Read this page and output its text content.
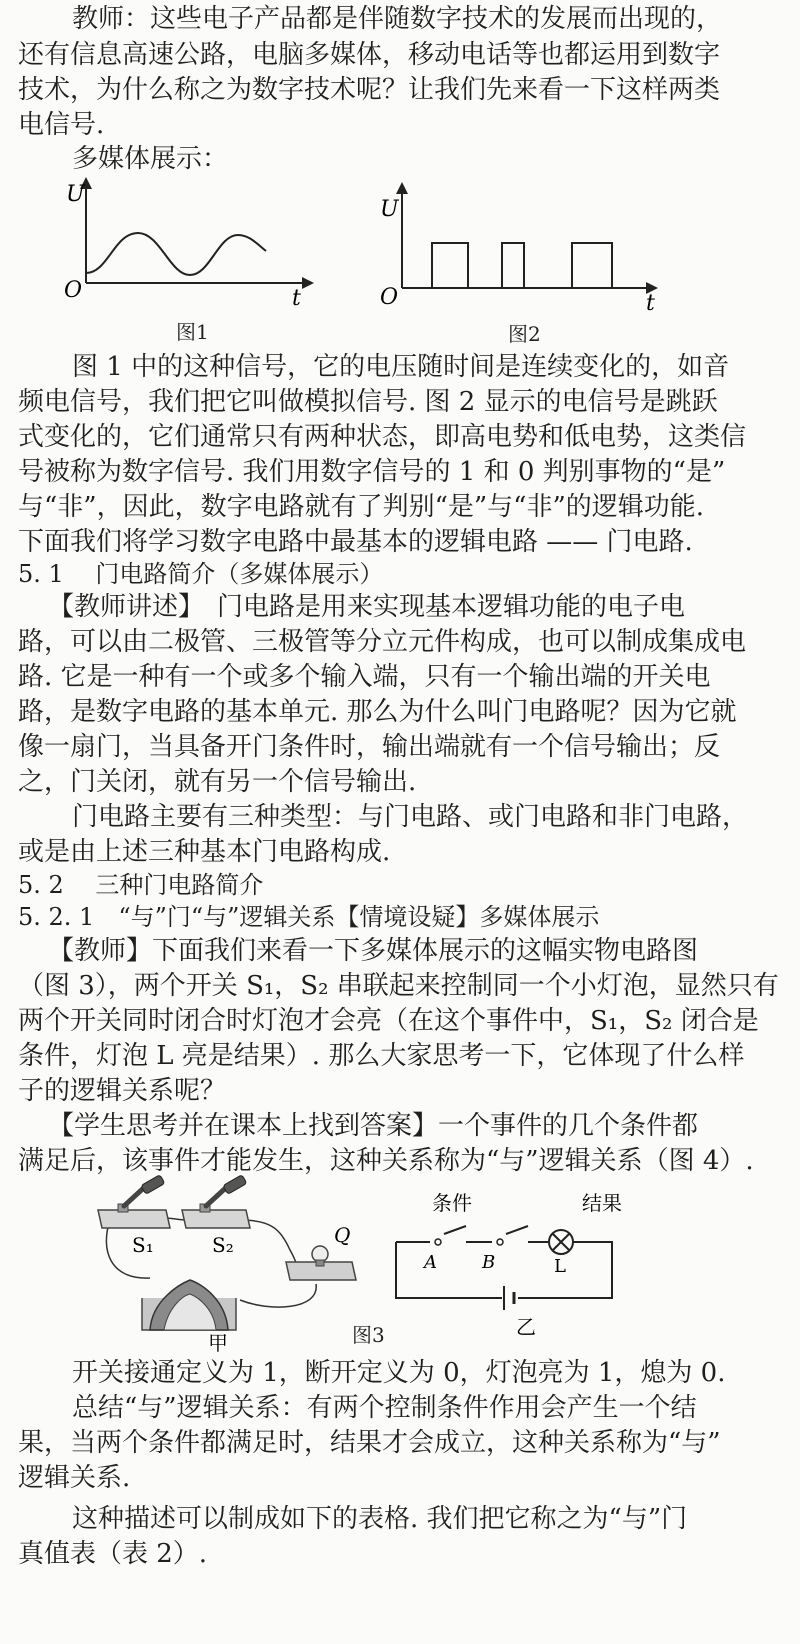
教师：这些电子产品都是伴随数字技术的发展而出现的，
还有信息高速公路，电脑多媒体，移动电话等也都运用到数字
技术，为什么称之为数字技术呢？让我们先来看一下这样两类
电信号.
多媒体展示：
U
O	t
图1
U
O	t
图2
图 1 中的这种信号，它的电压随时间是连续变化的，如音
频电信号，我们把它叫做模拟信号. 图 2 显示的电信号是跳跃
式变化的，它们通常只有两种状态，即高电势和低电势，这类信
号被称为数字信号. 我们用数字信号的 1 和 0 判别事物的“是”
与“非”，因此，数字电路就有了判别“是”与“非”的逻辑功能.
下面我们将学习数字电路中最基本的逻辑电路 —— 门电路.
5. 1　 门电路简介（多媒体展示）
【教师讲述】　门电路是用来实现基本逻辑功能的电子电
路，可以由二极管、三极管等分立元件构成，也可以制成集成电
路. 它是一种有一个或多个输入端，只有一个输出端的开关电
路，是数字电路的基本单元. 那么为什么叫门电路呢？因为它就
像一扇门，当具备开门条件时，输出端就有一个信号输出；反
之，门关闭，就有另一个信号输出.
门电路主要有三种类型：与门电路、或门电路和非门电路，
或是由上述三种基本门电路构成.
5. 2　 三种门电路简介
5. 2. 1　“与”门“与”逻辑关系【情境设疑】多媒体展示
【教师】下面我们来看一下多媒体展示的这幅实物电路图
（图 3），两个开关 S₁，S₂ 串联起来控制同一个小灯泡，显然只有
两个开关同时闭合时灯泡才会亮（在这个事件中，S₁，S₂ 闭合是
条件，灯泡 L 亮是结果）. 那么大家思考一下，它体现了什么样
子的逻辑关系呢？
【学生思考并在课本上找到答案】一个事件的几个条件都
满足后，该事件才能发生，这种关系称为“与”逻辑关系（图 4）.
S₁	S₂	Q
甲
条件	结果
A	B	L
乙
图3
开关接通定义为 1，断开定义为 0，灯泡亮为 1，熄为 0.
总结“与”逻辑关系：有两个控制条件作用会产生一个结
果，当两个条件都满足时，结果才会成立，这种关系称为“与”
逻辑关系.
这种描述可以制成如下的表格. 我们把它称之为“与”门
真值表（表 2）.
